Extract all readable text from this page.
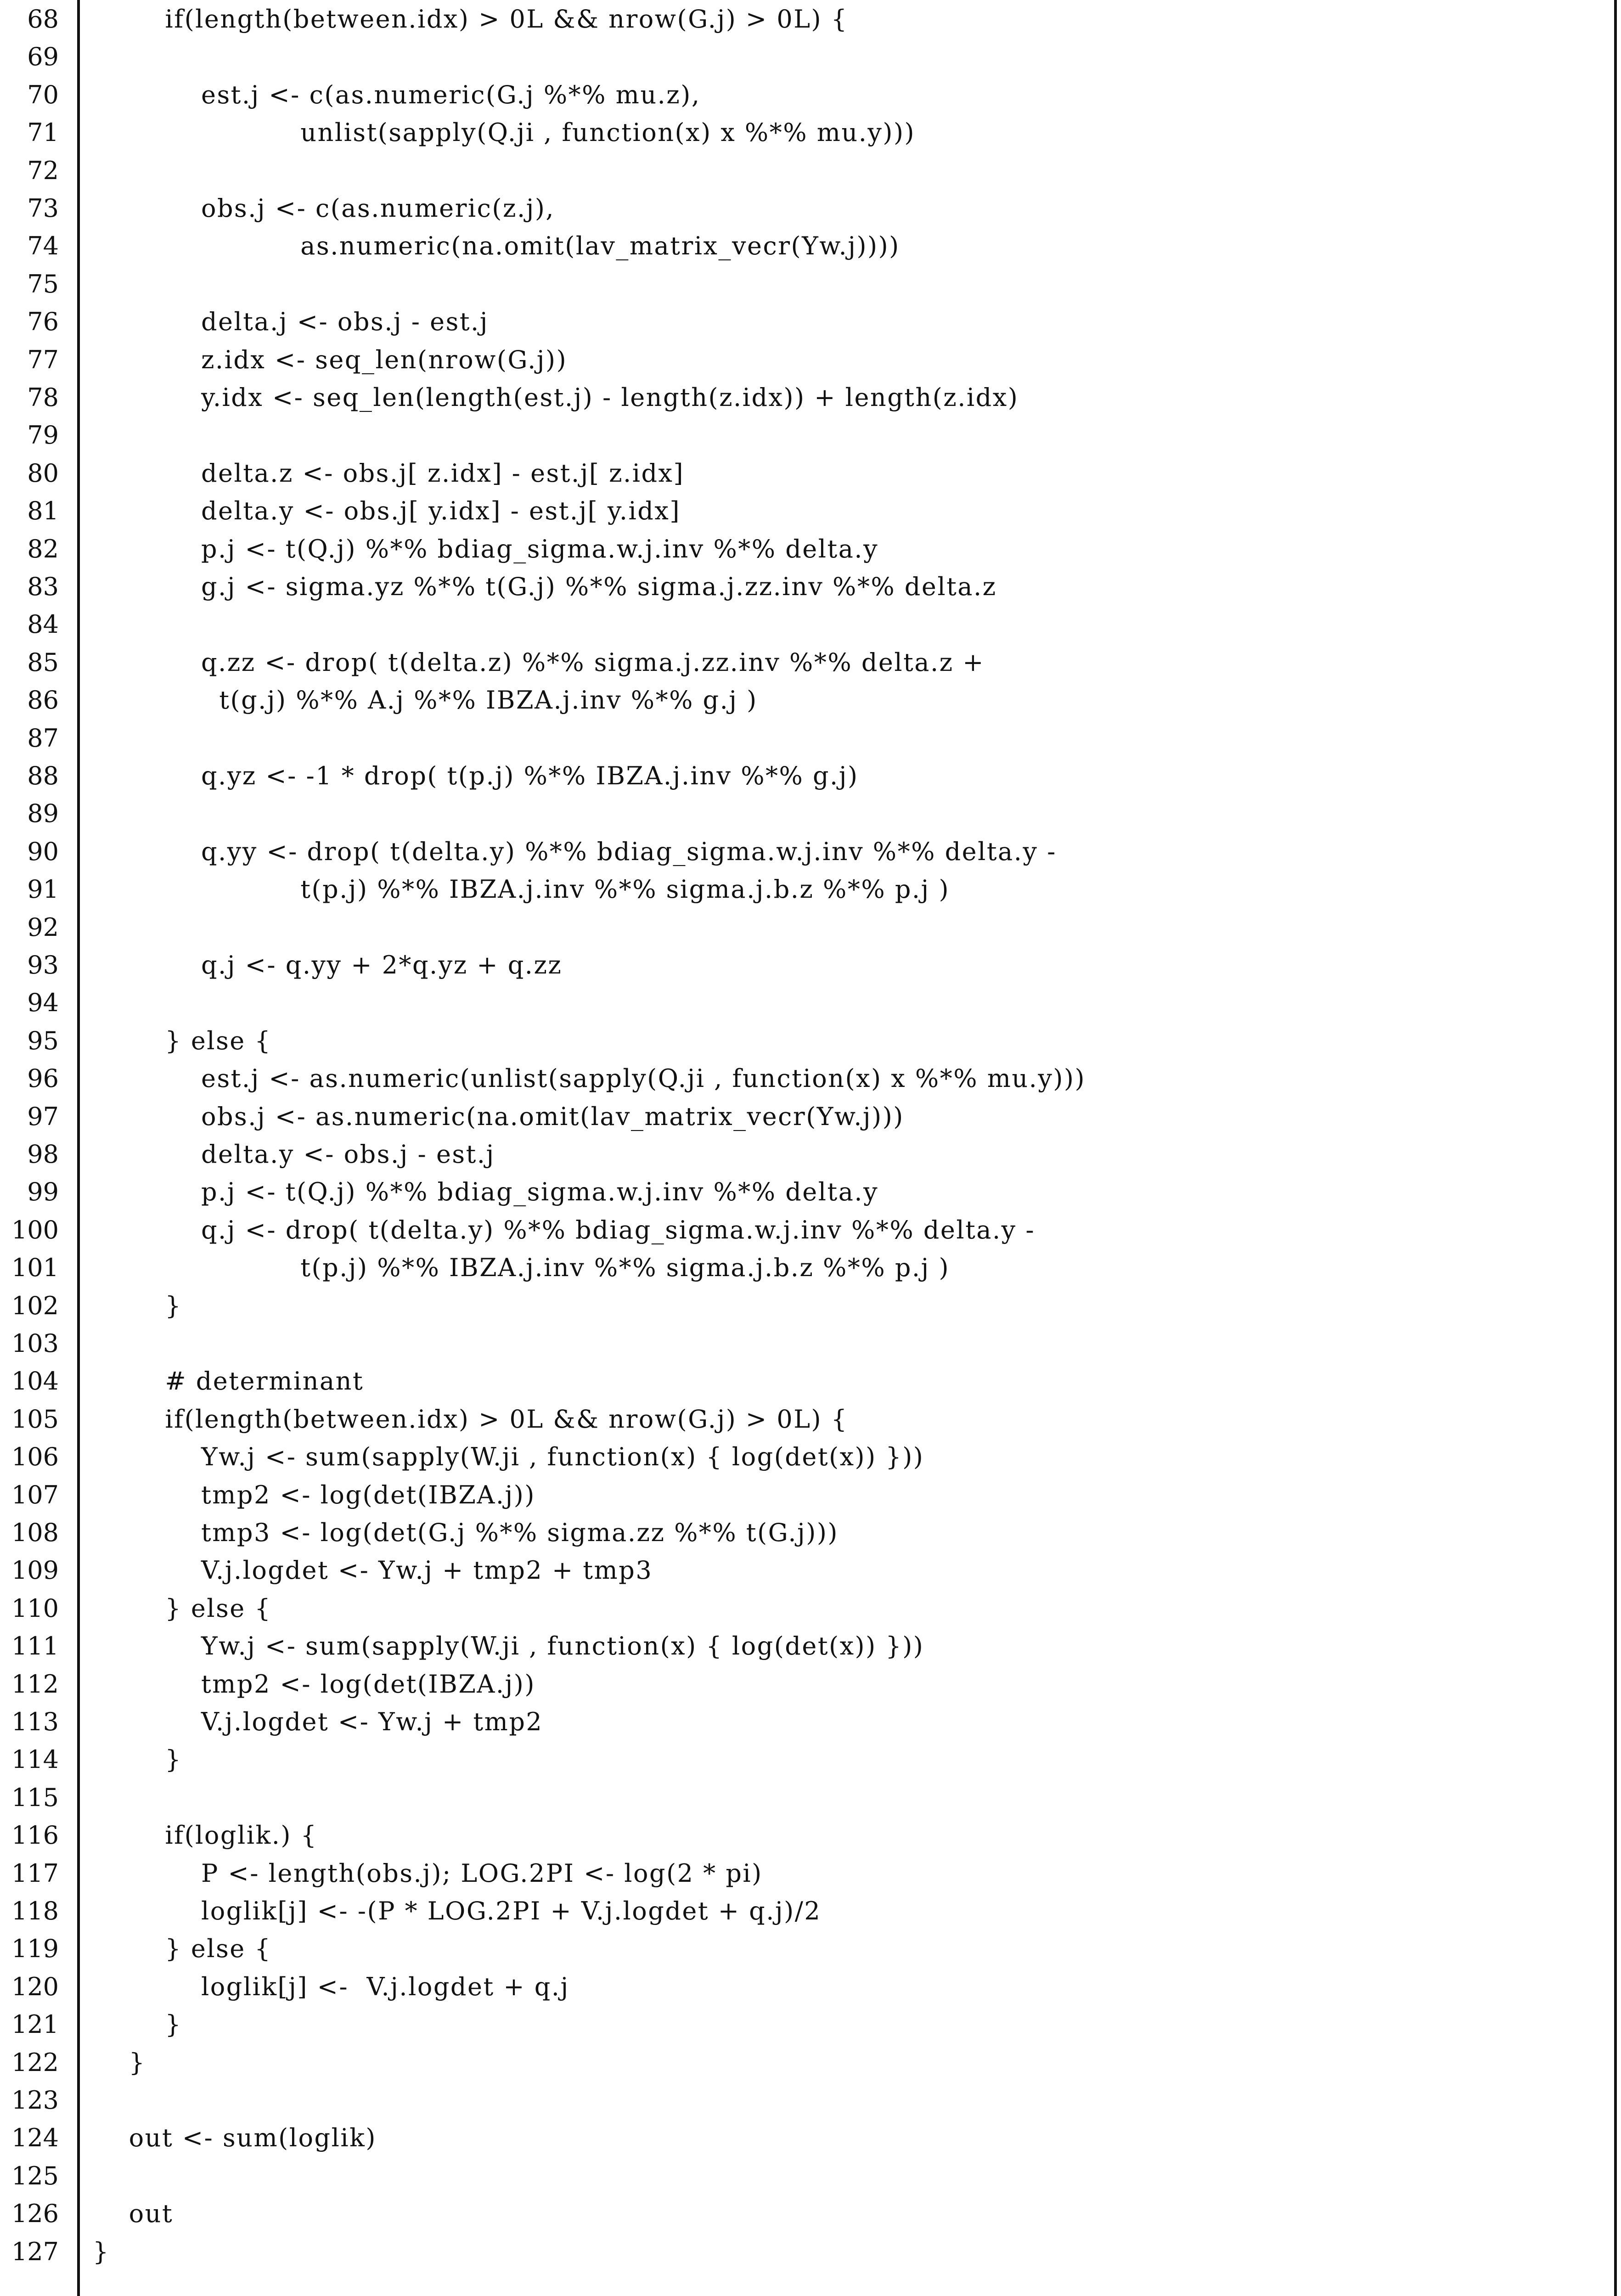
68 if(length(between.idx) > 0L && nrow(G.j) > 0L) {
69
70 est.j <- c(as.numeric(G.j %*% mu.z),
71 unlist(sapply(Q.ji , function(x) x %*% mu.y)))
72
73 obs.j <- c(as.numeric(z.j),
74 as.numeric(na.omit(lav_matrix_vecr(Yw.j))))
75
76 delta.j <- obs.j - est.j
77 z.idx <- seq_len(nrow(G.j))
78 y.idx <- seq_len(length(est.j) - length(z.idx)) + length(z.idx)
79
80 delta.z <- obs.j[ z.idx] - est.j[ z.idx]
81 delta.y <- obs.j[ y.idx] - est.j[ y.idx]
82 p.j <- t(Q.j) %*% bdiag_sigma.w.j.inv %*% delta.y
83 g.j <- sigma.yz %*% t(G.j) %*% sigma.j.zz.inv %*% delta.z
84
85 q.zz <- drop( t(delta.z) %*% sigma.j.zz.inv %*% delta.z +
86 t(g.j) %*% A.j %*% IBZA.j.inv %*% g.j )
87
88 q.yz <- -1 * drop( t(p.j) %*% IBZA.j.inv %*% g.j)
89
90 q.yy <- drop( t(delta.y) %*% bdiag_sigma.w.j.inv %*% delta.y -
91 t(p.j) %*% IBZA.j.inv %*% sigma.j.b.z %*% p.j )
92
93 q.j <- q.yy + 2*q.yz + q.zz
94
95 } else {
96 est.j <- as.numeric(unlist(sapply(Q.ji , function(x) x %*% mu.y)))
97 obs.j <- as.numeric(na.omit(lav_matrix_vecr(Yw.j)))
98 delta.y <- obs.j - est.j
99 p.j <- t(Q.j) %*% bdiag_sigma.w.j.inv %*% delta.y
100 q.j <- drop( t(delta.y) %*% bdiag_sigma.w.j.inv %*% delta.y -
101 t(p.j) %*% IBZA.j.inv %*% sigma.j.b.z %*% p.j )
102 }
103
104 # determinant
105 if(length(between.idx) > 0L && nrow(G.j) > 0L) {
106 Yw.j <- sum(sapply(W.ji , function(x) { log(det(x)) }))
107 tmp2 <- log(det(IBZA.j))
108 tmp3 <- log(det(G.j %*% sigma.zz %*% t(G.j)))
109 V.j.logdet <- Yw.j + tmp2 + tmp3
110 } else {
111 Yw.j <- sum(sapply(W.ji , function(x) { log(det(x)) }))
112 tmp2 <- log(det(IBZA.j))
113 V.j.logdet <- Yw.j + tmp2
114 }
115
116 if(loglik.) {
117 P <- length(obs.j); LOG.2PI <- log(2 * pi)
118 loglik[j] <- -(P * LOG.2PI + V.j.logdet + q.j)/2
119 } else {
120 loglik[j] <-  V.j.logdet + q.j
121 }
122 }
123
124 out <- sum(loglik)
125
126 out
127 }
